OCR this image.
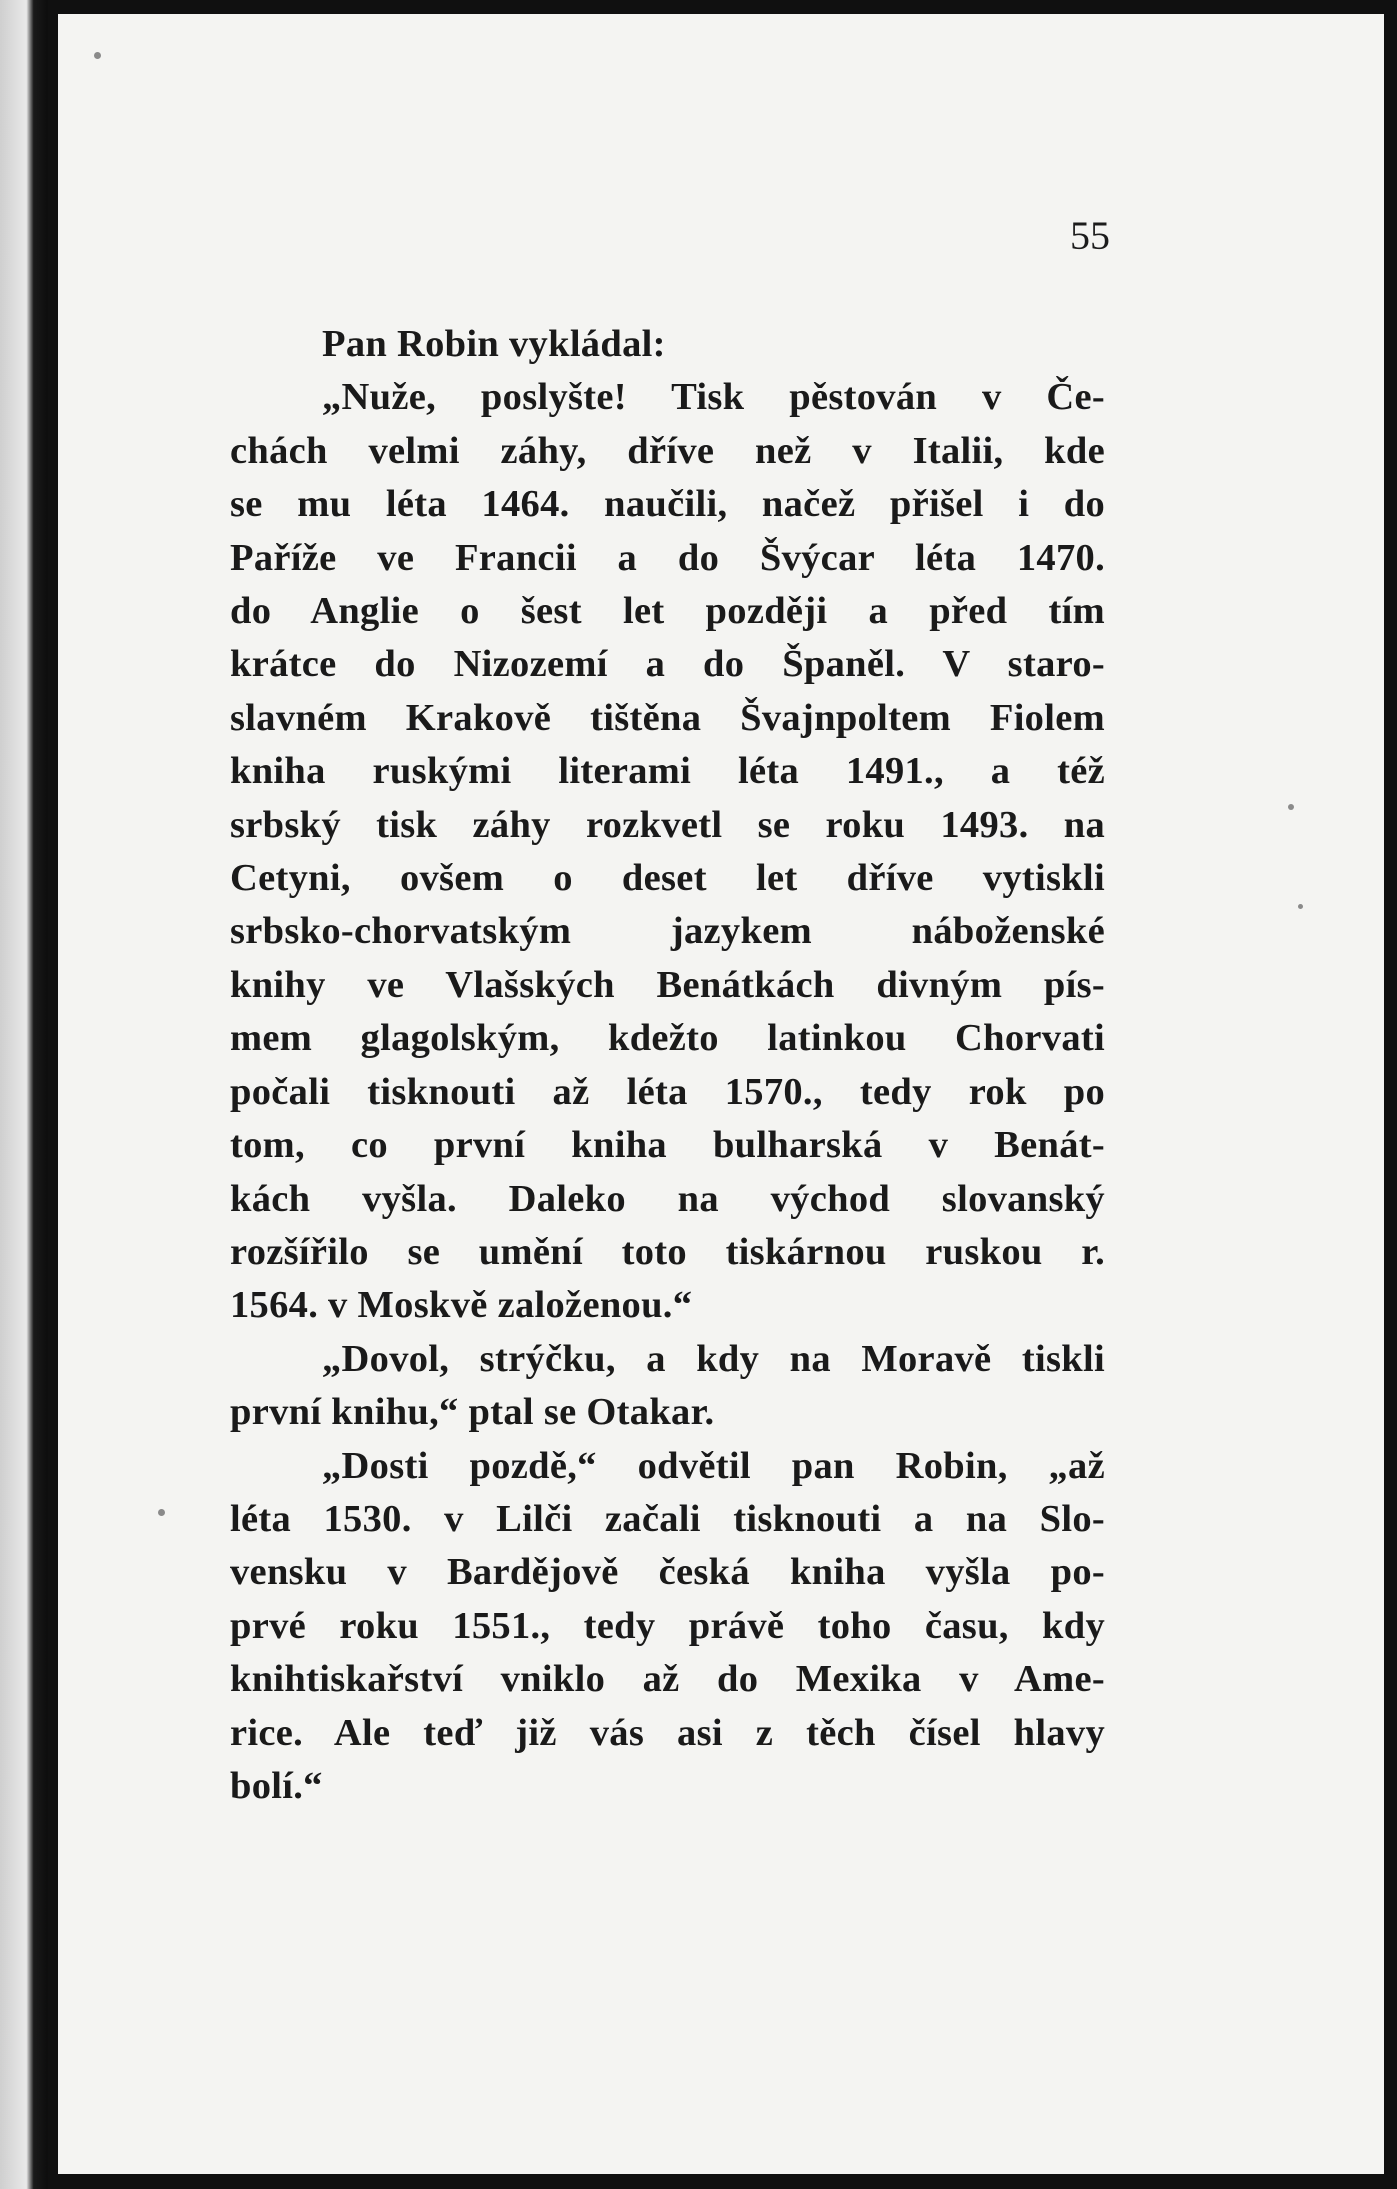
55

Pan Robin vykládal:

„Nuže, poslyšte! Tisk pěstován v Če-
chách velmi záhy, dříve než v Italii, kde
se mu léta 1464. naučili, načež přišel i do
Paříže ve Francii a do Švýcar léta 1470.
do Anglie o šest let později a před tím
krátce do Nizozemí a do Španěl. V staro-
slavném Krakově tištěna Švajnpoltem Fiolem
kniha ruskými literami léta 1491., a též
srbský tisk záhy rozkvetl se roku 1493. na
Cetyni, ovšem o deset let dříve vytiskli
srbsko-chorvatským jazykem náboženské
knihy ve Vlašských Benátkách divným pís-
mem glagolským, kdežto latinkou Chorvati
počali tisknouti až léta 1570., tedy rok po
tom, co první kniha bulharská v Benát-
kách vyšla. Daleko na východ slovanský
rozšířilo se umění toto tiskárnou ruskou r.
1564. v Moskvě založenou.“

„Dovol, strýčku, a kdy na Moravě tiskli
první knihu,“ ptal se Otakar.

„Dosti pozdě,“ odvětil pan Robin, „až
léta 1530. v Lilči začali tisknouti a na Slo-
vensku v Bardějově česká kniha vyšla po-
prvé roku 1551., tedy právě toho času, kdy
knihtiskařství vniklo až do Mexika v Ame-
rice. Ale teď již vás asi z těch čísel hlavy
bolí.“
